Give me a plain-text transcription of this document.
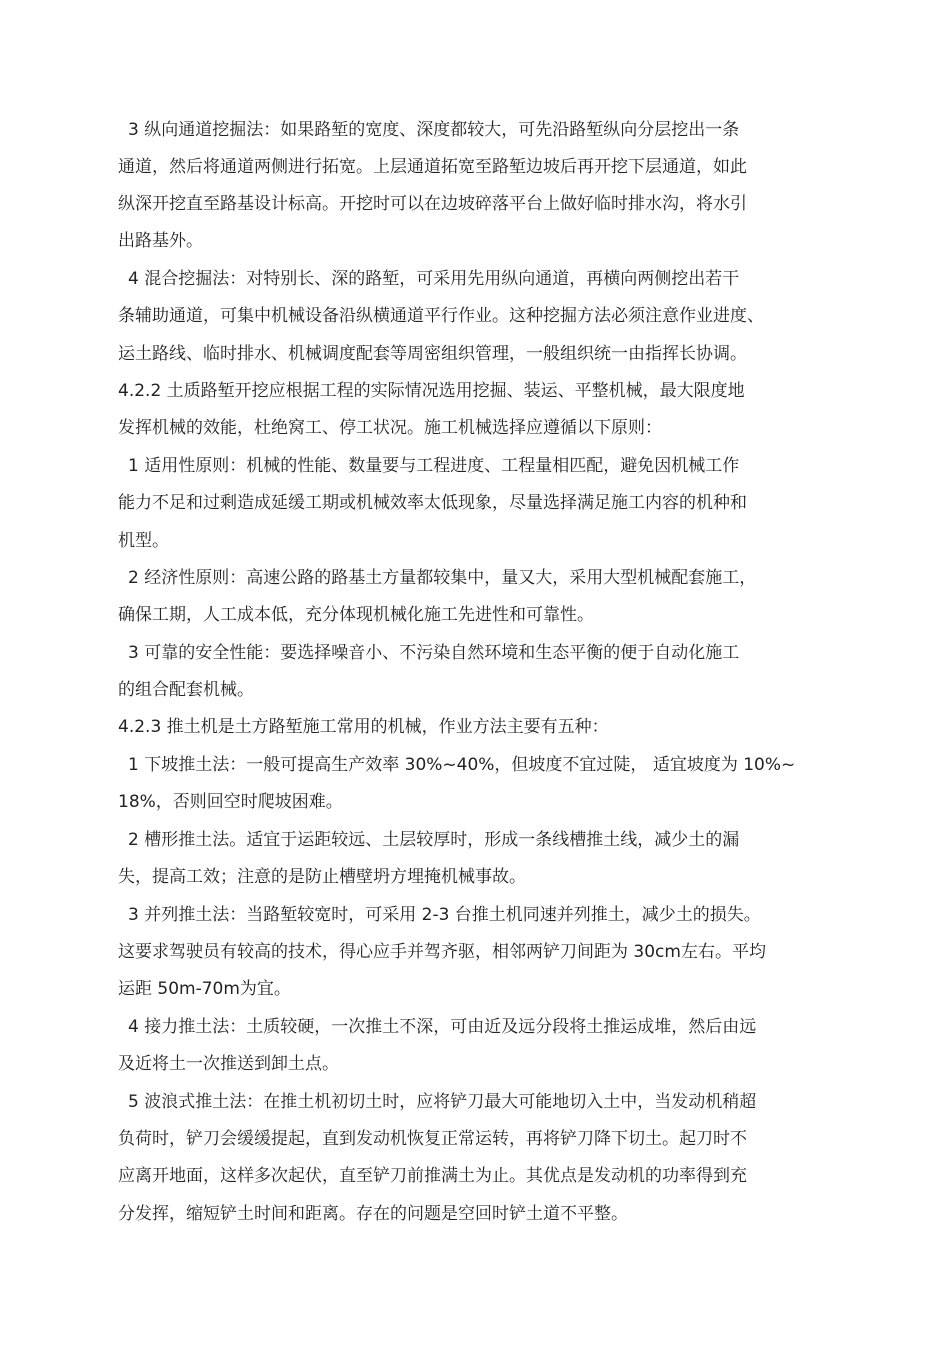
3 纵向通道挖掘法：如果路堑的宽度、深度都较大，可先沿路堑纵向分层挖出一条
通道，然后将通道两侧进行拓宽。上层通道拓宽至路堑边坡后再开挖下层通道，如此
纵深开挖直至路基设计标高。开挖时可以在边坡碎落平台上做好临时排水沟，将水引
出路基外。
4 混合挖掘法：对特别长、深的路堑，可采用先用纵向通道，再横向两侧挖出若干
条辅助通道，可集中机械设备沿纵横通道平行作业。这种挖掘方法必须注意作业进度、
运土路线、临时排水、机械调度配套等周密组织管理，一般组织统一由指挥长协调。
4.2.2 土质路堑开挖应根据工程的实际情况选用挖掘、装运、平整机械，最大限度地
发挥机械的效能，杜绝窝工、停工状况。施工机械选择应遵循以下原则：
1 适用性原则：机械的性能、数量要与工程进度、工程量相匹配，避免因机械工作
能力不足和过剩造成延缓工期或机械效率太低现象，尽量选择满足施工内容的机种和
机型。
2 经济性原则：高速公路的路基土方量都较集中，量又大，采用大型机械配套施工，
确保工期，人工成本低，充分体现机械化施工先进性和可靠性。
3 可靠的安全性能：要选择噪音小、不污染自然环境和生态平衡的便于自动化施工
的组合配套机械。
4.2.3 推土机是土方路堑施工常用的机械，作业方法主要有五种：
1 下坡推土法：一般可提高生产效率 30%~40%，但坡度不宜过陡， 适宜坡度为 10%~
18%，否则回空时爬坡困难。
2 槽形推土法。适宜于运距较远、土层较厚时，形成一条线槽推土线，减少土的漏
失，提高工效；注意的是防止槽壁坍方埋掩机械事故。
3 并列推土法：当路堑较宽时，可采用 2-3 台推土机同速并列推土，减少土的损失。
这要求驾驶员有较高的技术，得心应手并驾齐驱，相邻两铲刀间距为 30cm左右。平均
运距 50m-70m为宜。
4 接力推土法：土质较硬，一次推土不深，可由近及远分段将土推运成堆，然后由远
及近将土一次推送到卸土点。
5 波浪式推土法：在推土机初切土时，应将铲刀最大可能地切入土中，当发动机稍超
负荷时，铲刀会缓缓提起，直到发动机恢复正常运转，再将铲刀降下切土。起刀时不
应离开地面，这样多次起伏，直至铲刀前推满土为止。其优点是发动机的功率得到充
分发挥，缩短铲土时间和距离。存在的问题是空回时铲土道不平整。
